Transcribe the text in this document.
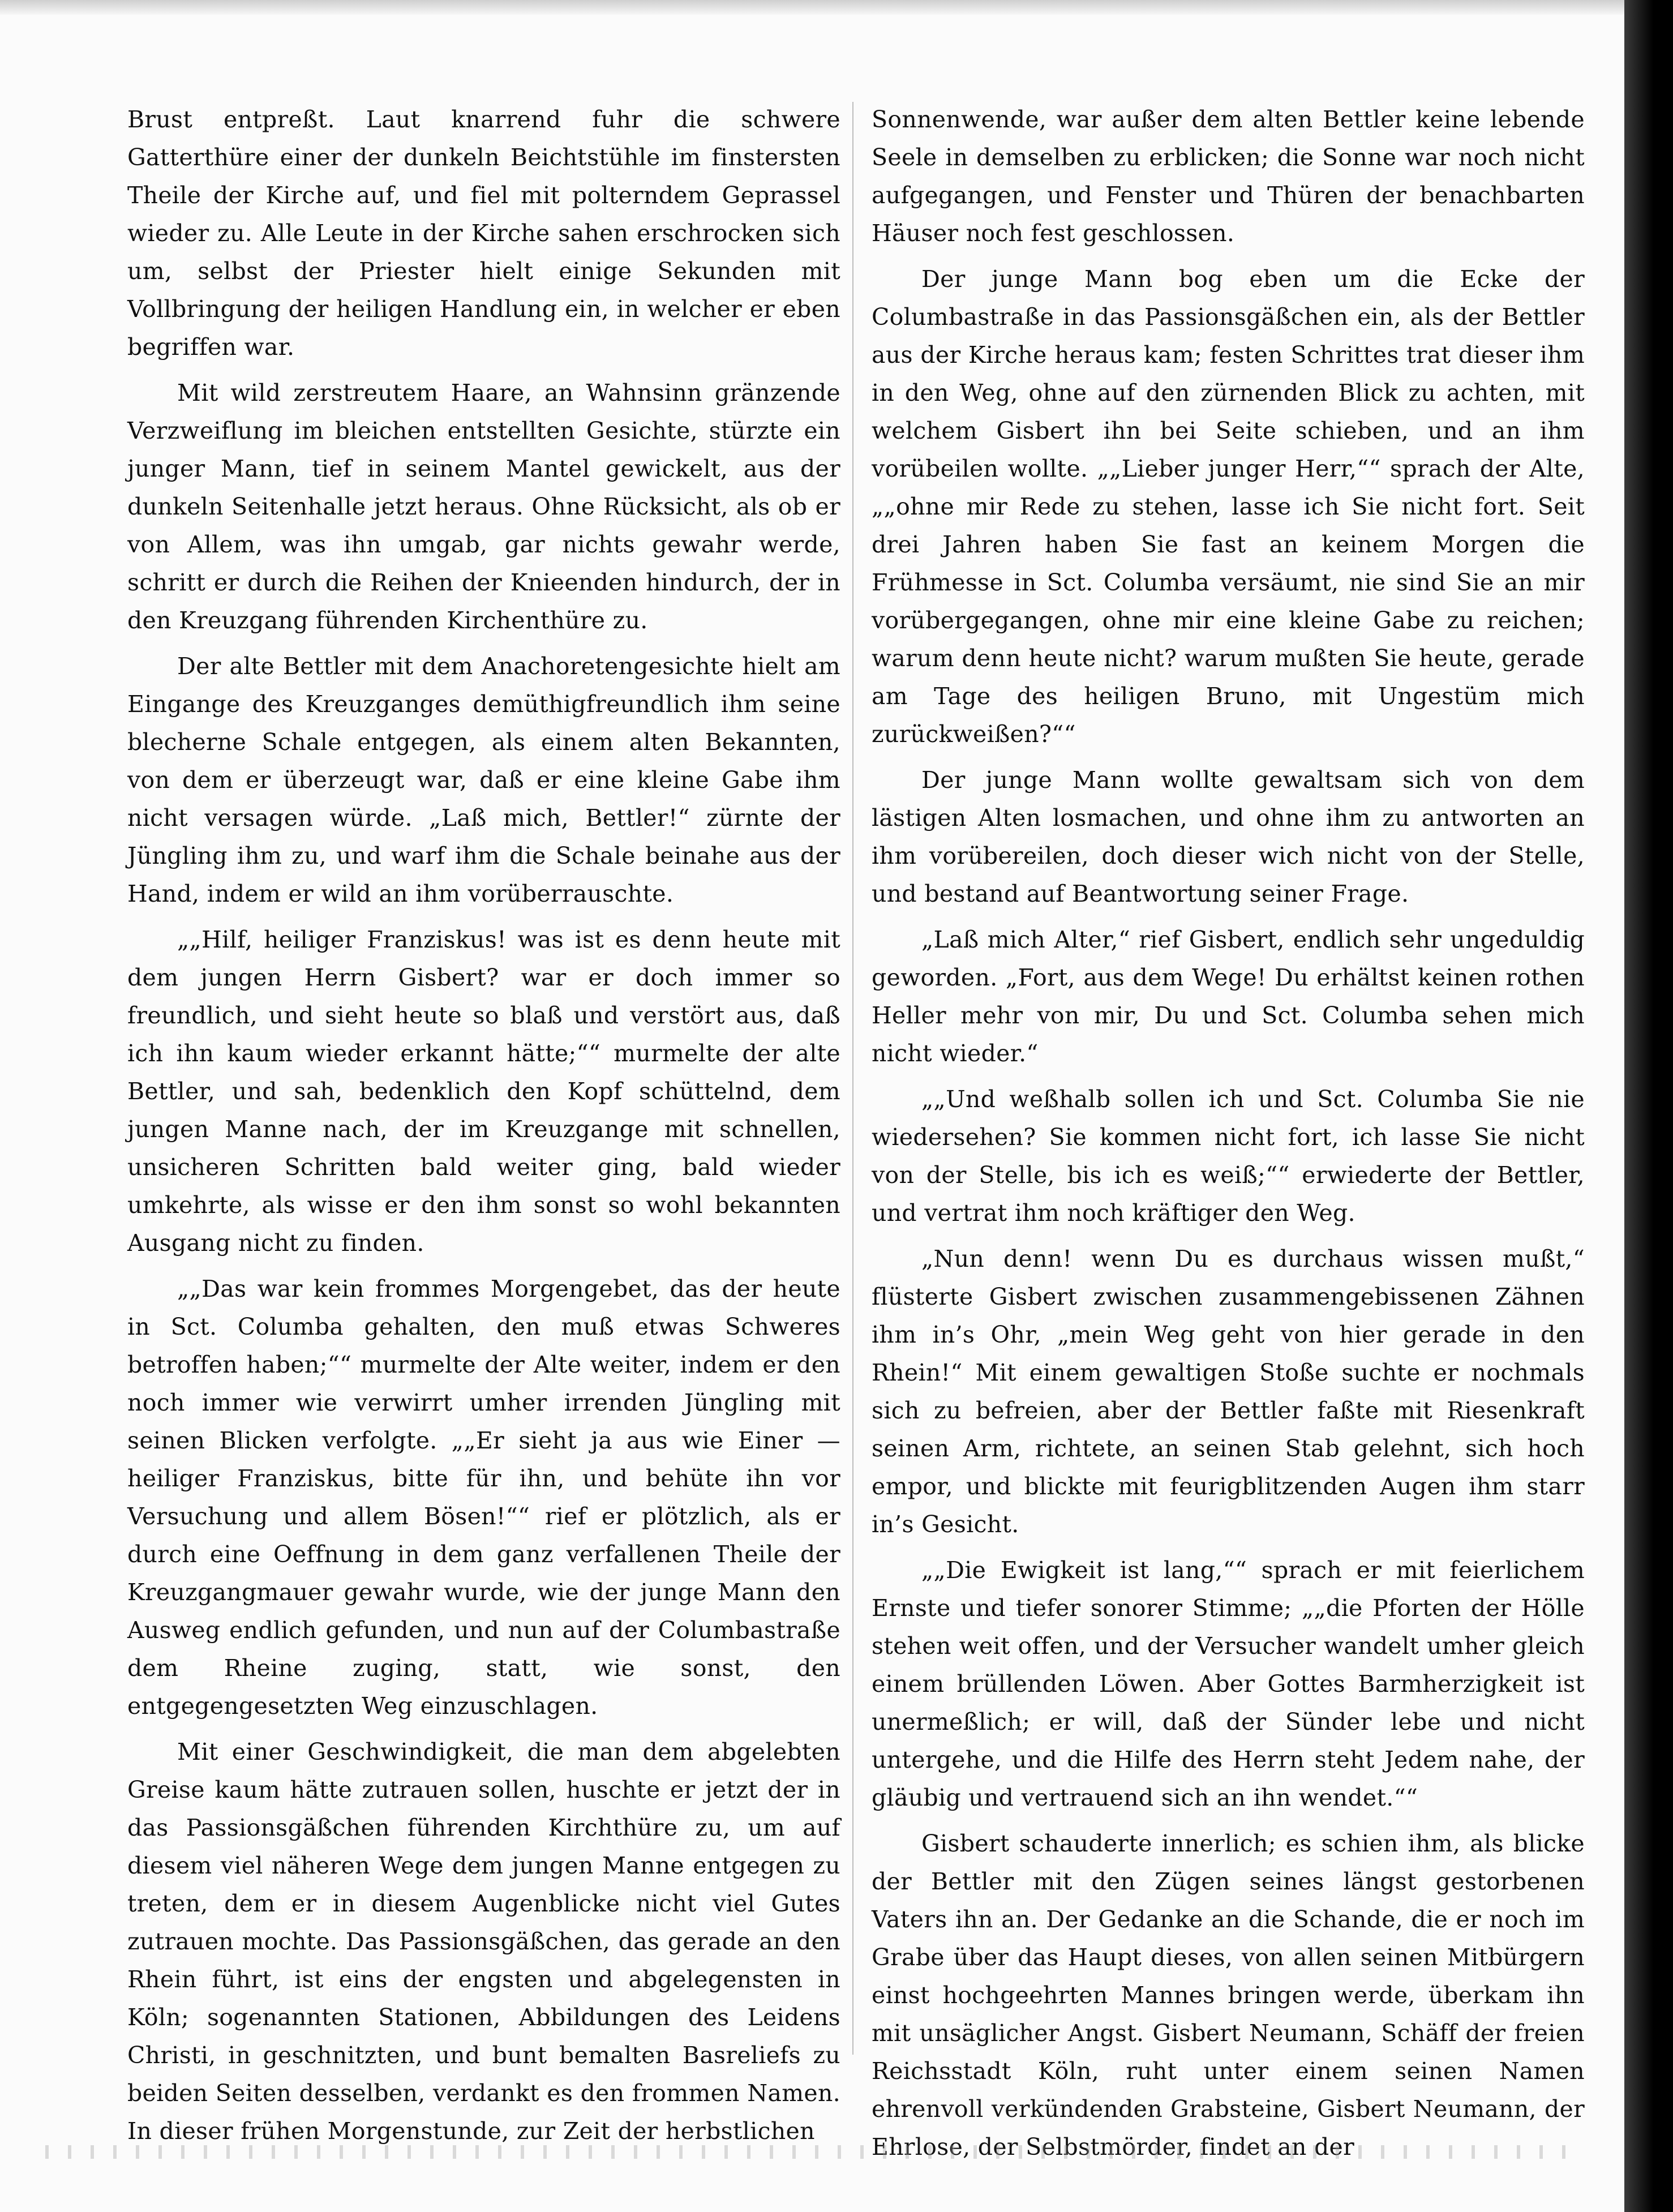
Brust entpreßt. Laut knarrend fuhr die schwere Gatterthüre einer der dunkeln Beichtstühle im finstersten Theile der Kirche auf, und fiel mit polterndem Geprassel wieder zu. Alle Leute in der Kirche sahen erschrocken sich um, selbst der Priester hielt einige Sekunden mit Vollbringung der heiligen Handlung ein, in welcher er eben begriffen war.

Mit wild zerstreutem Haare, an Wahnsinn gränzende Verzweiflung im bleichen entstellten Gesichte, stürzte ein junger Mann, tief in seinem Mantel gewickelt, aus der dunkeln Seitenhalle jetzt heraus. Ohne Rücksicht, als ob er von Allem, was ihn umgab, gar nichts gewahr werde, schritt er durch die Reihen der Knieenden hindurch, der in den Kreuzgang führenden Kirchenthüre zu.

Der alte Bettler mit dem Anachoretengesichte hielt am Eingange des Kreuzganges demüthigfreundlich ihm seine blecherne Schale entgegen, als einem alten Bekannten, von dem er überzeugt war, daß er eine kleine Gabe ihm nicht versagen würde. „Laß mich, Bettler!“ zürnte der Jüngling ihm zu, und warf ihm die Schale beinahe aus der Hand, indem er wild an ihm vorüberrauschte.

„„Hilf, heiliger Franziskus! was ist es denn heute mit dem jungen Herrn Gisbert? war er doch immer so freundlich, und sieht heute so blaß und verstört aus, daß ich ihn kaum wieder erkannt hätte;““ murmelte der alte Bettler, und sah, bedenklich den Kopf schüttelnd, dem jungen Manne nach, der im Kreuzgange mit schnellen, unsicheren Schritten bald weiter ging, bald wieder umkehrte, als wisse er den ihm sonst so wohl bekannten Ausgang nicht zu finden.

„„Das war kein frommes Morgengebet, das der heute in Sct. Columba gehalten, den muß etwas Schweres betroffen haben;““ murmelte der Alte weiter, indem er den noch immer wie verwirrt umher irrenden Jüngling mit seinen Blicken verfolgte. „„Er sieht ja aus wie Einer — heiliger Franziskus, bitte für ihn, und behüte ihn vor Versuchung und allem Bösen!““ rief er plötzlich, als er durch eine Oeffnung in dem ganz verfallenen Theile der Kreuzgangmauer gewahr wurde, wie der junge Mann den Ausweg endlich gefunden, und nun auf der Columbastraße dem Rheine zuging, statt, wie sonst, den entgegengesetzten Weg einzuschlagen.

Mit einer Geschwindigkeit, die man dem abgelebten Greise kaum hätte zutrauen sollen, huschte er jetzt der in das Passionsgäßchen führenden Kirchthüre zu, um auf diesem viel näheren Wege dem jungen Manne entgegen zu treten, dem er in diesem Augenblicke nicht viel Gutes zutrauen mochte. Das Passionsgäßchen, das gerade an den Rhein führt, ist eins der engsten und abgelegensten in Köln; sogenannten Stationen, Abbildungen des Leidens Christi, in geschnitzten, und bunt bemalten Basreliefs zu beiden Seiten desselben, verdankt es den frommen Namen. In dieser frühen Morgenstunde, zur Zeit der herbstlichen

Sonnenwende, war außer dem alten Bettler keine lebende Seele in demselben zu erblicken; die Sonne war noch nicht aufgegangen, und Fenster und Thüren der benachbarten Häuser noch fest geschlossen.

Der junge Mann bog eben um die Ecke der Columbastraße in das Passionsgäßchen ein, als der Bettler aus der Kirche heraus kam; festen Schrittes trat dieser ihm in den Weg, ohne auf den zürnenden Blick zu achten, mit welchem Gisbert ihn bei Seite schieben, und an ihm vorübeilen wollte. „„Lieber junger Herr,““ sprach der Alte, „„ohne mir Rede zu stehen, lasse ich Sie nicht fort. Seit drei Jahren haben Sie fast an keinem Morgen die Frühmesse in Sct. Columba versäumt, nie sind Sie an mir vorübergegangen, ohne mir eine kleine Gabe zu reichen; warum denn heute nicht? warum mußten Sie heute, gerade am Tage des heiligen Bruno, mit Ungestüm mich zurückweißen?““

Der junge Mann wollte gewaltsam sich von dem lästigen Alten losmachen, und ohne ihm zu antworten an ihm vorübereilen, doch dieser wich nicht von der Stelle, und bestand auf Beantwortung seiner Frage.

„Laß mich Alter,“ rief Gisbert, endlich sehr ungeduldig geworden. „Fort, aus dem Wege! Du erhältst keinen rothen Heller mehr von mir, Du und Sct. Columba sehen mich nicht wieder.“

„„Und weßhalb sollen ich und Sct. Columba Sie nie wiedersehen? Sie kommen nicht fort, ich lasse Sie nicht von der Stelle, bis ich es weiß;““ erwiederte der Bettler, und vertrat ihm noch kräftiger den Weg.

„Nun denn! wenn Du es durchaus wissen mußt,“ flüsterte Gisbert zwischen zusammengebissenen Zähnen ihm in’s Ohr, „mein Weg geht von hier gerade in den Rhein!“ Mit einem gewaltigen Stoße suchte er nochmals sich zu befreien, aber der Bettler faßte mit Riesenkraft seinen Arm, richtete, an seinen Stab gelehnt, sich hoch empor, und blickte mit feurigblitzenden Augen ihm starr in’s Gesicht.

„„Die Ewigkeit ist lang,““ sprach er mit feierlichem Ernste und tiefer sonorer Stimme; „„die Pforten der Hölle stehen weit offen, und der Versucher wandelt umher gleich einem brüllenden Löwen. Aber Gottes Barmherzigkeit ist unermeßlich; er will, daß der Sünder lebe und nicht untergehe, und die Hilfe des Herrn steht Jedem nahe, der gläubig und vertrauend sich an ihn wendet.““

Gisbert schauderte innerlich; es schien ihm, als blicke der Bettler mit den Zügen seines längst gestorbenen Vaters ihn an. Der Gedanke an die Schande, die er noch im Grabe über das Haupt dieses, von allen seinen Mitbürgern einst hochgeehrten Mannes bringen werde, überkam ihn mit unsäglicher Angst. Gisbert Neumann, Schäff der freien Reichsstadt Köln, ruht unter einem seinen Namen ehrenvoll verkündenden Grabsteine, Gisbert Neumann, der Ehrlose, der Selbstmörder, findet an der
